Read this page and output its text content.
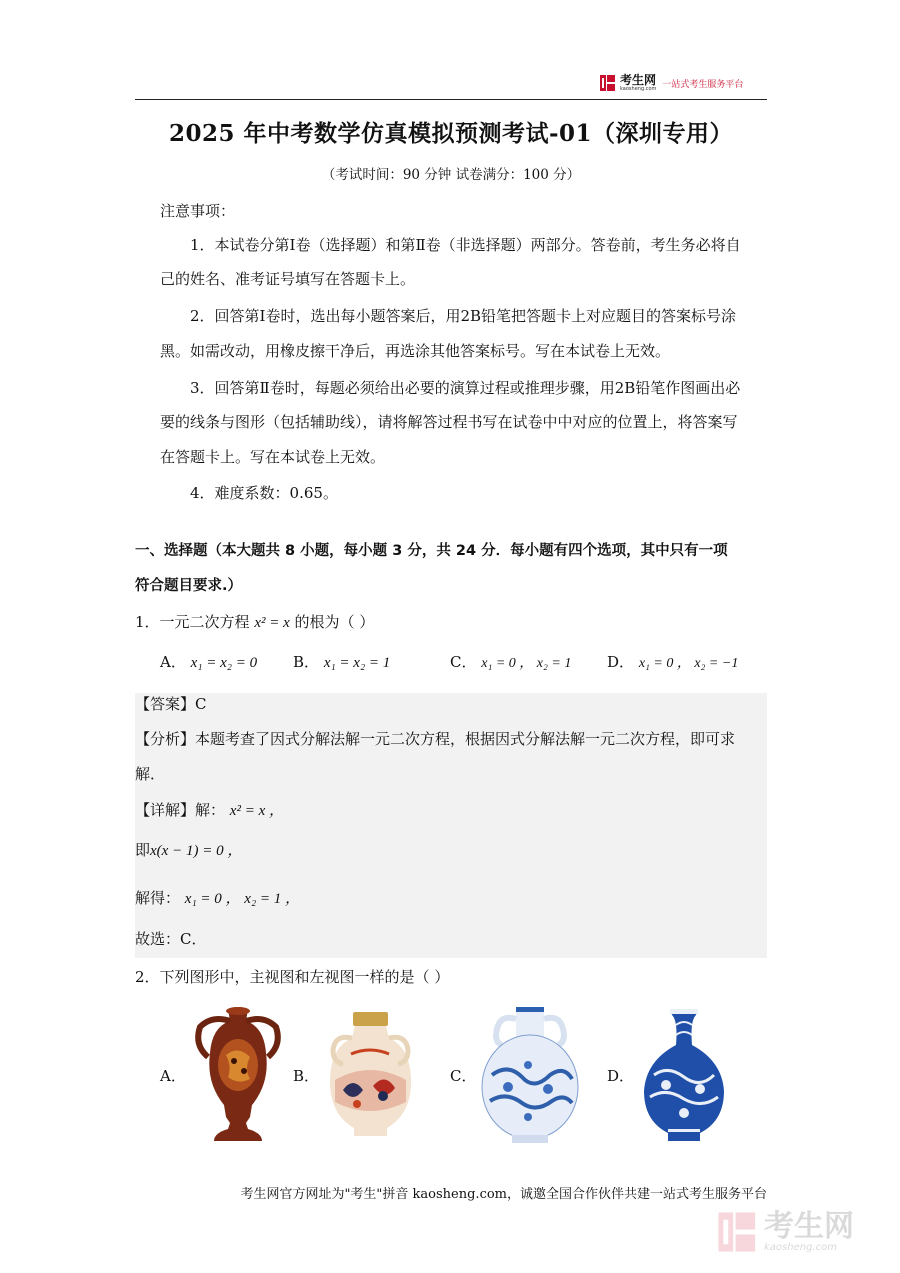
考生网
kaosheng.com 一站式考生服务平台
2025 年中考数学仿真模拟预测考试-01（深圳专用）
（考试时间：90 分钟 试卷满分：100 分）
注意事项：
1．本试卷分第Ⅰ卷（选择题）和第Ⅱ卷（非选择题）两部分。答卷前，考生务必将自
己的姓名、准考证号填写在答题卡上。
2．回答第Ⅰ卷时，选出每小题答案后，用2B铅笔把答题卡上对应题目的答案标号涂
黑。如需改动，用橡皮擦干净后，再选涂其他答案标号。写在本试卷上无效。
3．回答第Ⅱ卷时，每题必须给出必要的演算过程或推理步骤，用2B铅笔作图画出必
要的线条与图形（包括辅助线），请将解答过程书写在试卷中中对应的位置上，将答案写
在答题卡上。写在本试卷上无效。
4．难度系数：0.65。
一、选择题（本大题共 8 小题，每小题 3 分，共 24 分．每小题有四个选项，其中只有一项
符合题目要求.）
1．一元二次方程 x² = x 的根为（ ）
A． x₁ = x₂ = 0 B． x₁ = x₂ = 1	C． x₁ = 0 ， x₂ = 1 D． x₁ = 0 ， x₂ = −1
【答案】C
【分析】本题考查了因式分解法解一元二次方程，根据因式分解法解一元二次方程，即可求
解．
【详解】解： x² = x ，
即x(x − 1) = 0 ，
解得： x₁ = 0 ， x₂ = 1 ，
故选：C．
2．下列图形中，主视图和左视图一样的是（ ）
A．	B．	C．	D．
考生网官方网址为"考生"拼音 kaosheng.com，诚邀全国合作伙伴共建一站式考生服务平台
考生网
kaosheng.com
